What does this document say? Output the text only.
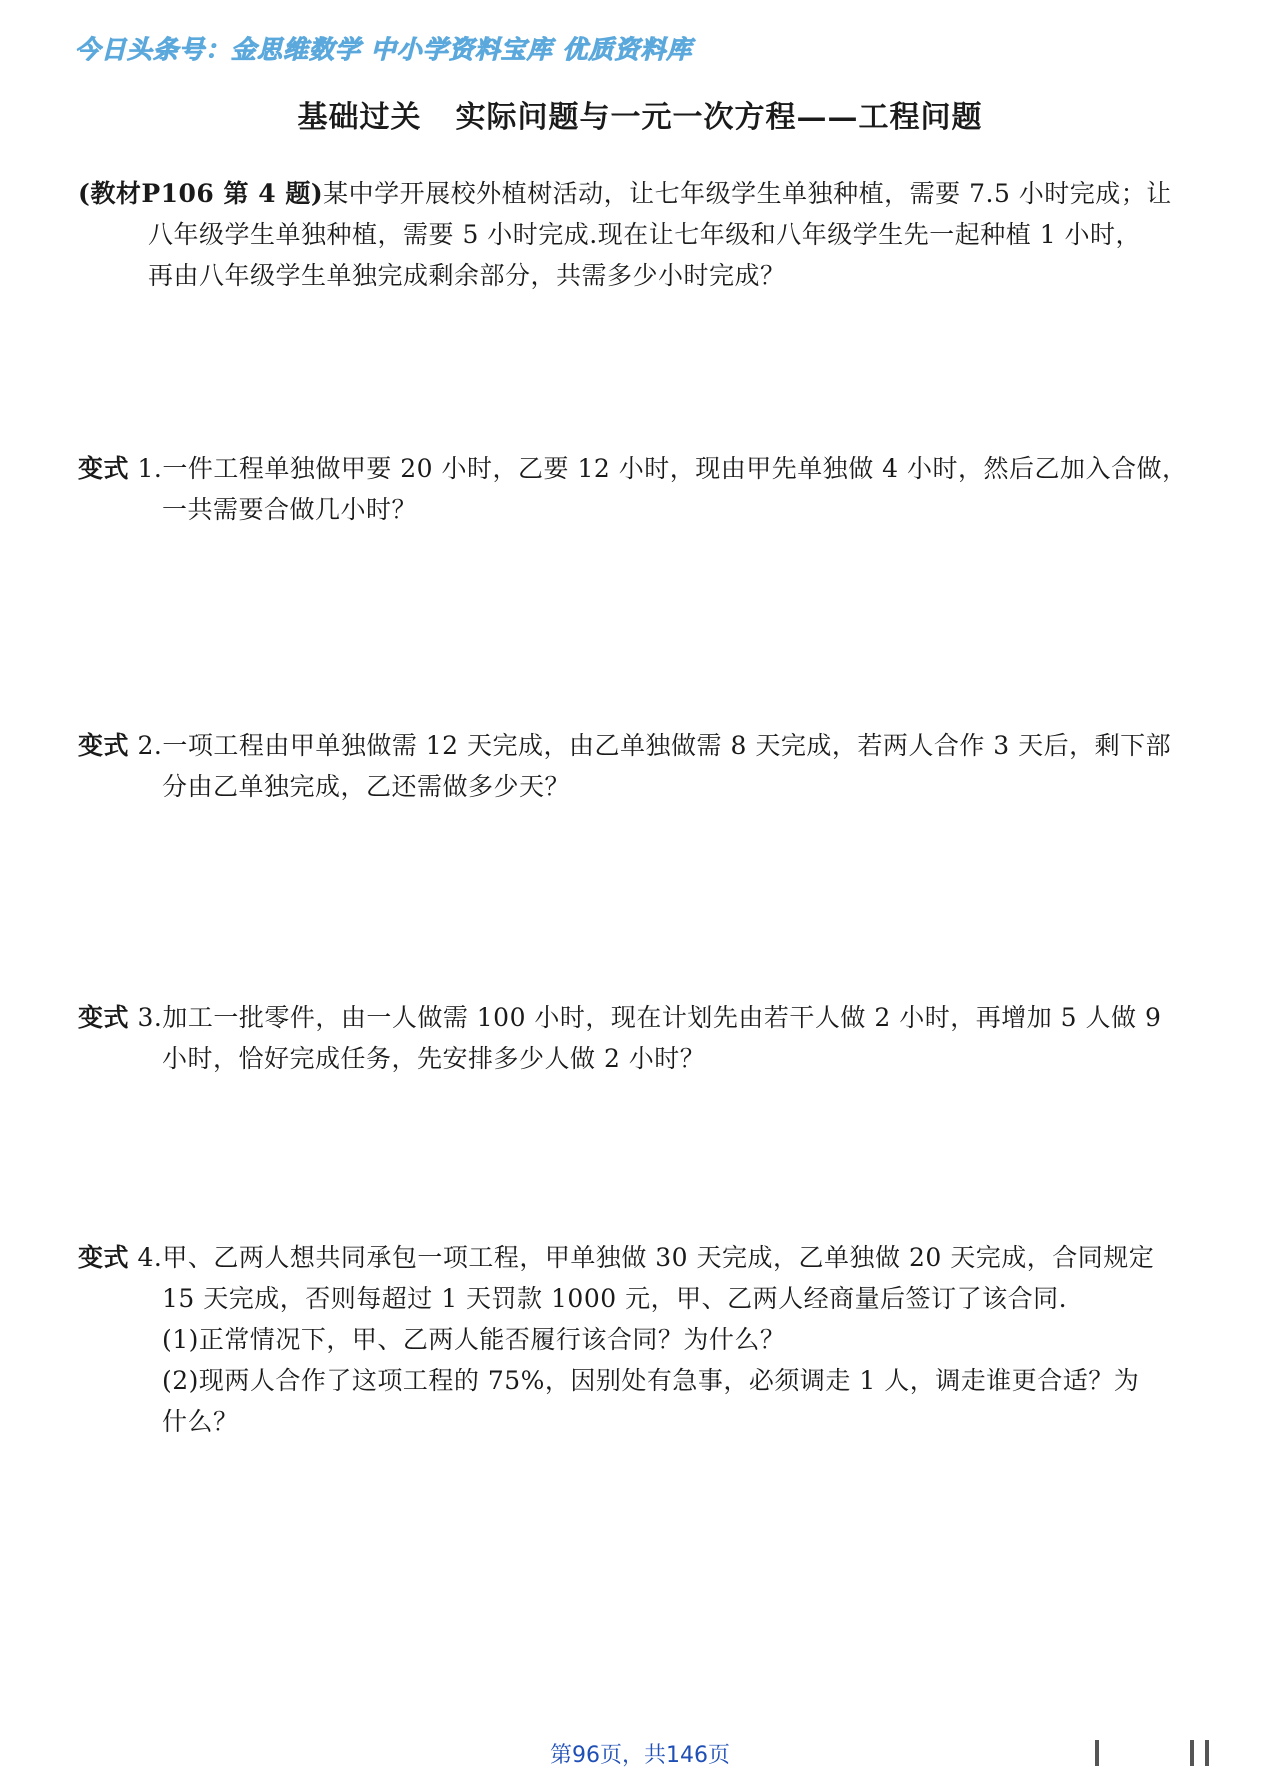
今日头条号：金思维数学 中小学资料宝库 优质资料库
基础过关 实际问题与一元一次方程——工程问题
(教材P106 第 4 题)某中学开展校外植树活动，让七年级学生单独种植，需要 7.5 小时完成；让
八年级学生单独种植，需要 5 小时完成.现在让七年级和八年级学生先一起种植 1 小时，
再由八年级学生单独完成剩余部分，共需多少小时完成？
变式 1.一件工程单独做甲要 20 小时，乙要 12 小时，现由甲先单独做 4 小时，然后乙加入合做，
一共需要合做几小时？
变式 2.一项工程由甲单独做需 12 天完成，由乙单独做需 8 天完成，若两人合作 3 天后，剩下部
分由乙单独完成，乙还需做多少天？
变式 3.加工一批零件，由一人做需 100 小时，现在计划先由若干人做 2 小时，再增加 5 人做 9
小时，恰好完成任务，先安排多少人做 2 小时？
变式 4.甲、乙两人想共同承包一项工程，甲单独做 30 天完成，乙单独做 20 天完成，合同规定
15 天完成，否则每超过 1 天罚款 1000 元，甲、乙两人经商量后签订了该合同.
(1)正常情况下，甲、乙两人能否履行该合同？为什么？
(2)现两人合作了这项工程的 75%，因别处有急事，必须调走 1 人，调走谁更合适？为
什么？
第96页，共146页
